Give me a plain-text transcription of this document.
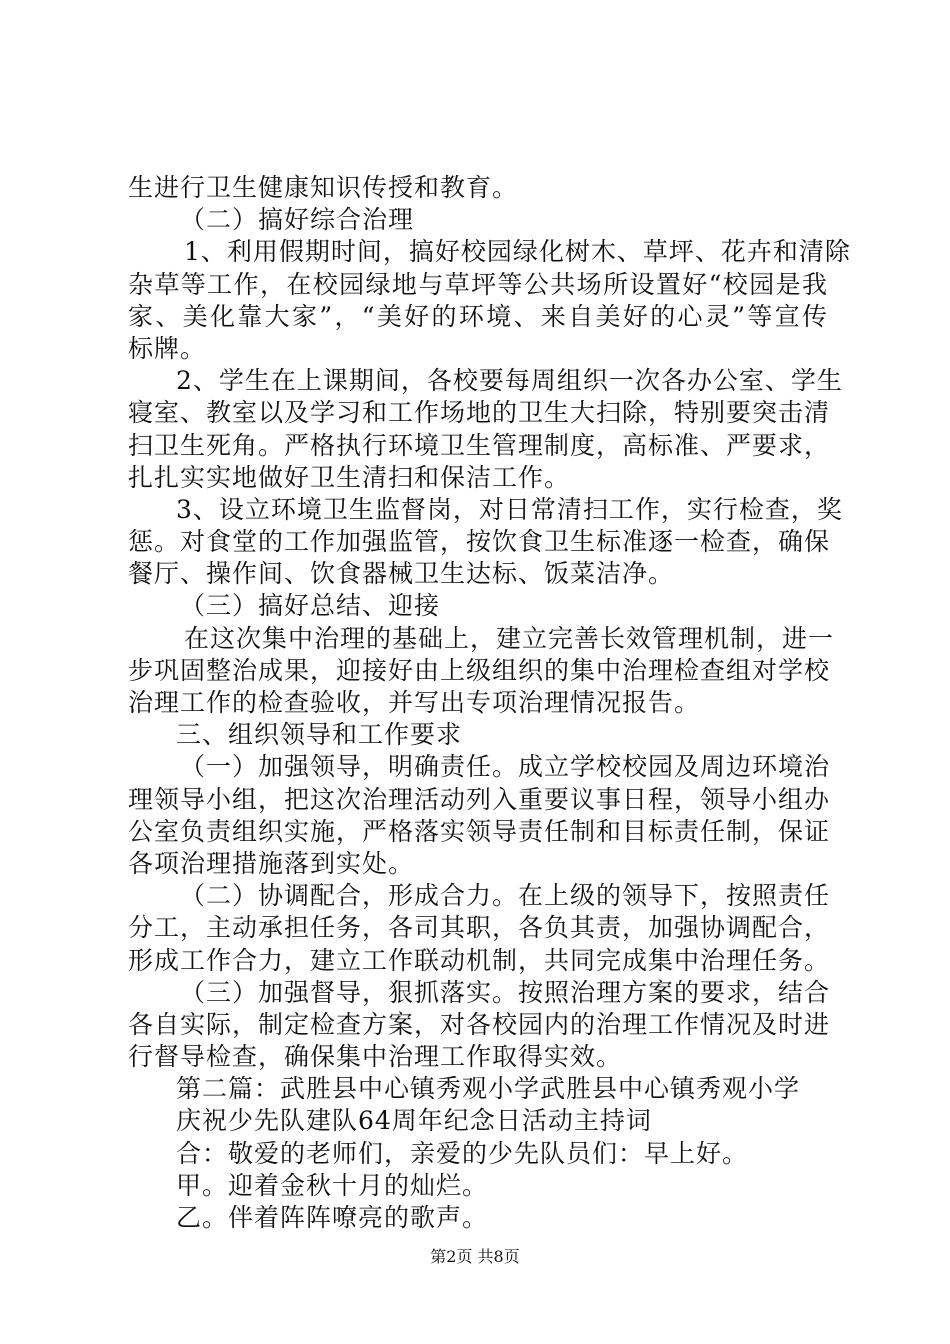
生进行卫生健康知识传授和教育。
（二）搞好综合治理
1、利用假期时间，搞好校园绿化树木、草坪、花卉和清除
杂草等工作，在校园绿地与草坪等公共场所设置好“校园是我
家、美化靠大家”，“美好的环境、来自美好的心灵”等宣传
标牌。
2、学生在上课期间，各校要每周组织一次各办公室、学生
寝室、教室以及学习和工作场地的卫生大扫除，特别要突击清
扫卫生死角。严格执行环境卫生管理制度，高标准、严要求，
扎扎实实地做好卫生清扫和保洁工作。
3、设立环境卫生监督岗，对日常清扫工作，实行检查，奖
惩。对食堂的工作加强监管，按饮食卫生标准逐一检查，确保
餐厅、操作间、饮食器械卫生达标、饭菜洁净。
（三）搞好总结、迎接
在这次集中治理的基础上，建立完善长效管理机制，进一
步巩固整治成果，迎接好由上级组织的集中治理检查组对学校
治理工作的检查验收，并写出专项治理情况报告。
三、组织领导和工作要求
（一）加强领导，明确责任。成立学校校园及周边环境治
理领导小组，把这次治理活动列入重要议事日程，领导小组办
公室负责组织实施，严格落实领导责任制和目标责任制，保证
各项治理措施落到实处。
（二）协调配合，形成合力。在上级的领导下，按照责任
分工，主动承担任务，各司其职，各负其责，加强协调配合，
形成工作合力，建立工作联动机制，共同完成集中治理任务。
（三）加强督导，狠抓落实。按照治理方案的要求，结合
各自实际，制定检查方案，对各校园内的治理工作情况及时进
行督导检查，确保集中治理工作取得实效。
第二篇：武胜县中心镇秀观小学武胜县中心镇秀观小学
庆祝少先队建队64周年纪念日活动主持词
合：敬爱的老师们，亲爱的少先队员们：早上好。
甲。迎着金秋十月的灿烂。
乙。伴着阵阵嘹亮的歌声。
第2页 共8页
